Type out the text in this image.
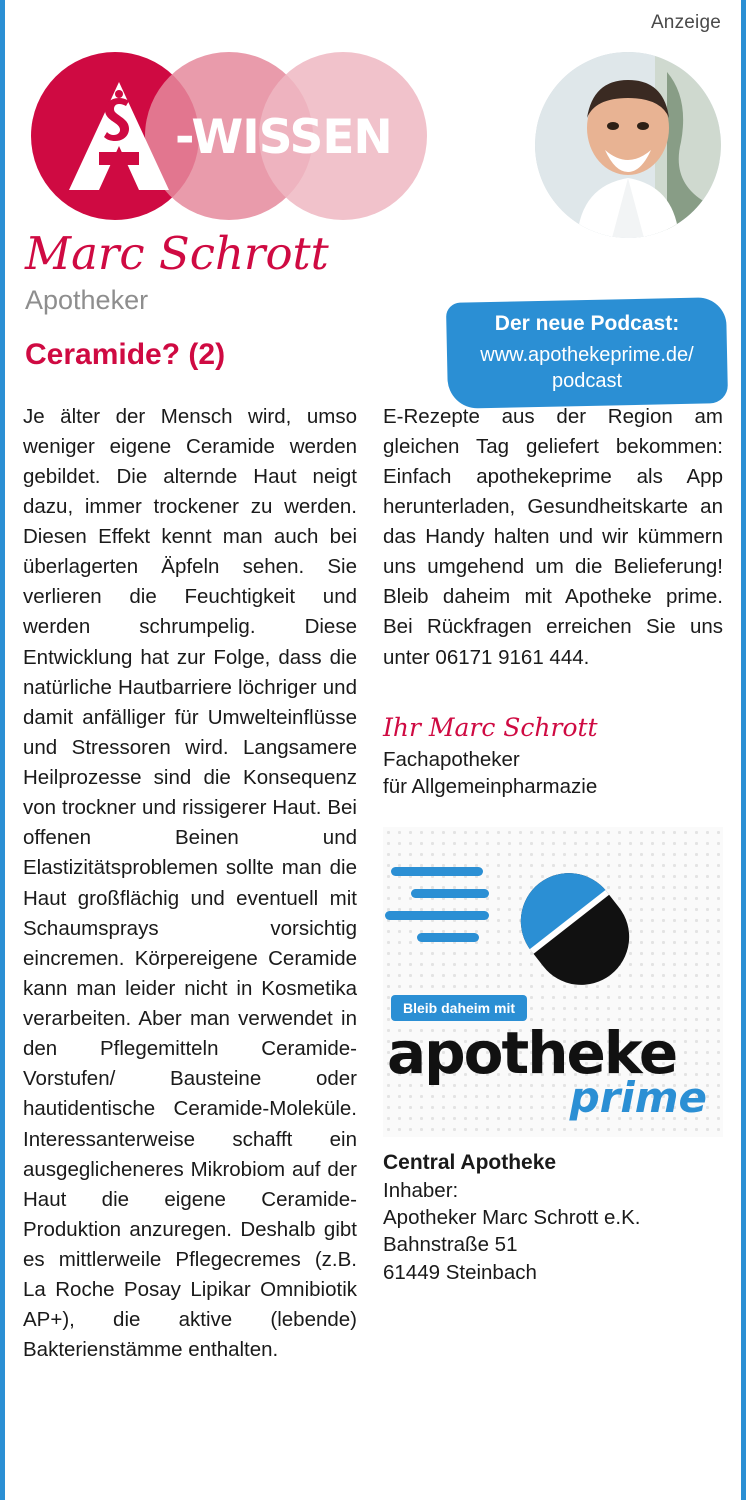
Anzeige
-WISSEN
Marc Schrott
Apotheker
Ceramide? (2)
Der neue Podcast:
www.apothekeprime.de/ podcast

Je älter der Mensch wird, umso weniger eigene Ceramide werden gebildet. Die alternde Haut neigt dazu, immer trockener zu werden. Diesen Effekt kennt man auch bei überlagerten Äpfeln sehen. Sie verlieren die Feuchtigkeit und werden schrumpelig. Diese Entwicklung hat zur Folge, dass die natürliche Hautbarriere löchriger und damit anfälliger für Umwelteinflüsse und Stressoren wird. Langsamere Heilprozesse sind die Konsequenz von trockner und rissigerer Haut. Bei offenen Beinen und Elastizitätsproblemen sollte man die Haut großflächig und eventuell mit Schaumsprays vorsichtig eincremen. Körpereigene Ceramide kann man leider nicht in Kosmetika verarbeiten. Aber man verwendet in den Pflegemitteln Ceramide-Vorstufen/ Bausteine oder hautidentische Ceramide-Moleküle. Interessanterweise schafft ein ausgeglicheneres Mikrobiom auf der Haut die eigene Ceramide-Produktion anzuregen. Deshalb gibt es mittlerweile Pflegecremes (z.B. La Roche Posay Lipikar Omnibiotik AP+), die aktive (lebende) Bakterienstämme enthalten.

E-Rezepte aus der Region am gleichen Tag geliefert bekommen: Einfach apothekeprime als App herunterladen, Gesundheitskarte an das Handy halten und wir kümmern uns umgehend um die Belieferung! Bleib daheim mit Apotheke prime. Bei Rückfragen erreichen Sie uns unter 06171 9161 444.

Ihr Marc Schrott
Fachapotheker
für Allgemeinpharmazie
Bleib daheim mit
apotheke
prime
Central Apotheke
Inhaber:
Apotheker Marc Schrott e.K.
Bahnstraße 51
61449 Steinbach
